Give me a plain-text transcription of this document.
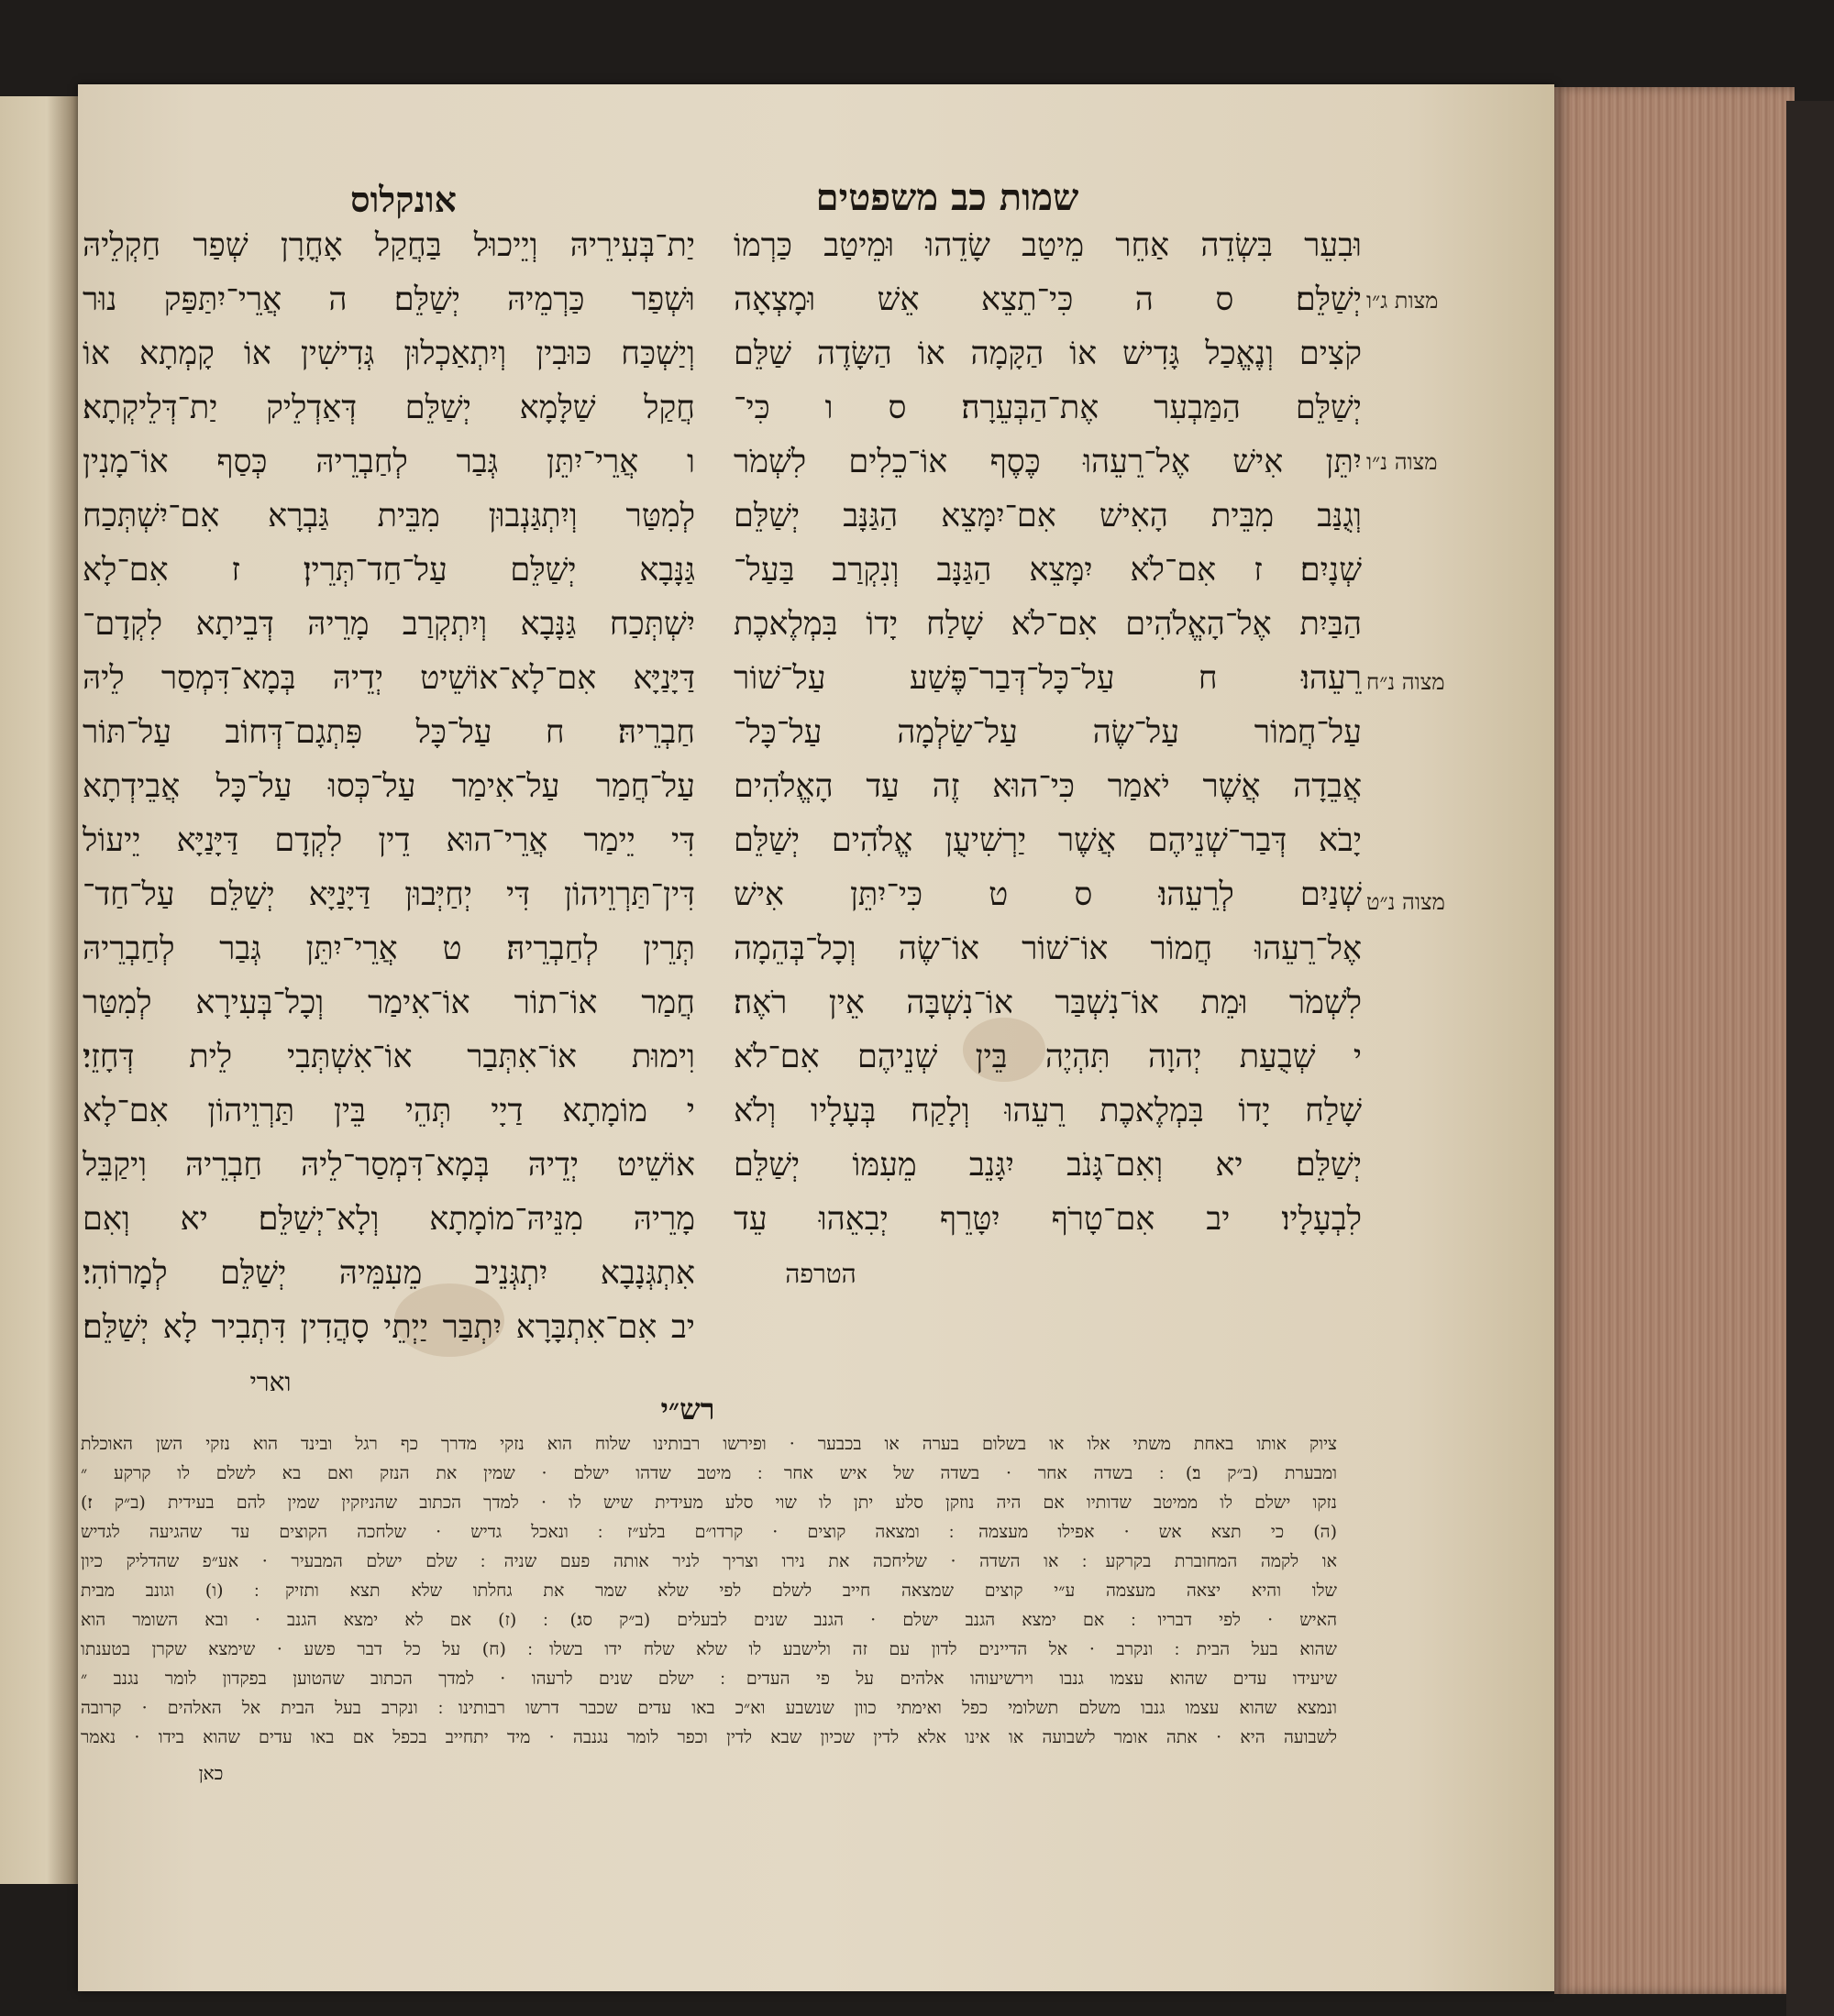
שמות כב משפטים
אונקלוס
וּבִעֵר בִּשְׂדֵה אַחֵר מֵיטַב שָׂדֵהוּ וּמֵיטַב כַּרְמוֹ
יְשַׁלֵּם׃ ס ה כִּי־תֵצֵא אֵשׁ וּמָצְאָה
קֹצִים וְנֶאֱכַל גָּדִישׁ אוֹ הַקָּמָה אוֹ הַשָּׂדֶה שַׁלֵּם
יְשַׁלֵּם הַמַּבְעִר אֶת־הַבְּעֵרָה׃ ס ו כִּי־
יִתֵּן אִישׁ אֶל־רֵעֵהוּ כֶּסֶף אוֹ־כֵלִים לִשְׁמֹר
וְגֻנַּב מִבֵּית הָאִישׁ אִם־יִמָּצֵא הַגַּנָּב יְשַׁלֵּם
שְׁנָיִם׃ ז אִם־לֹא יִמָּצֵא הַגַּנָּב וְנִקְרַב בַּעַל־
הַבַּיִת אֶל־הָאֱלֹהִים אִם־לֹא שָׁלַח יָדוֹ בִּמְלֶאכֶת
רֵעֵהוּ׃ ח עַל־כָּל־דְּבַר־פֶּשַׁע עַל־שׁוֹר
עַל־חֲמוֹר עַל־שֶׂה עַל־שַׂלְמָה עַל־כָּל־
אֲבֵדָה אֲשֶׁר יֹאמַר כִּי־הוּא זֶה עַד הָאֱלֹהִים
יָבֹא דְּבַר־שְׁנֵיהֶם אֲשֶׁר יַרְשִׁיעֻן אֱלֹהִים יְשַׁלֵּם
שְׁנַיִם לְרֵעֵהוּ׃ ס ט כִּי־יִתֵּן אִישׁ
אֶל־רֵעֵהוּ חֲמוֹר אוֹ־שׁוֹר אוֹ־שֶׂה וְכָל־בְּהֵמָה
לִשְׁמֹר וּמֵת אוֹ־נִשְׁבַּר אוֹ־נִשְׁבָּה אֵין רֹאֶה׃
י שְׁבֻעַת יְהוָה תִּהְיֶה בֵּין שְׁנֵיהֶם אִם־לֹא
שָׁלַח יָדוֹ בִּמְלֶאכֶת רֵעֵהוּ וְלָקַח בְּעָלָיו וְלֹא
יְשַׁלֵּם׃ יא וְאִם־גָּנֹב יִגָּנֵב מֵעִמּוֹ יְשַׁלֵּם
לִבְעָלָיו׃ יב אִם־טָרֹף יִטָּרֵף יְבִאֵהוּ עֵד
יַת־בְּעִירֵיהּ וְיֵיכוּל בַּחֲקַל אָחֳרָן שְׁפַר חַקְלֵיהּ
וּשְׁפַר כַּרְמֵיהּ יְשַׁלֵּם׃ ה אֲרֵי־יִתַּפַּק נוּר
וְיַשְׁכַּח כּוּבִין וְיִתְאַכְלוּן גְּדִישִׁין אוֹ קָמְתָא אוֹ
חֲקַל שַׁלָּמָא יְשַׁלֵּם דְּאַדְלֵיק יַת־דְּלֵיקְתָא׃
ו אֲרֵי־יִתֵּן גְּבַר לְחַבְרֵיהּ כְּסַף אוֹ־מָנִין
לְמִטַּר וְיִתְגַּנְבוּן מִבֵּית גַּבְרָא אִם־יִשְׁתְּכַח
גַּנָּבָא יְשַׁלֵּם עַל־חַד־תְּרֵין׃ ז אִם־לָא
יִשְׁתְּכַח גַּנָּבָא וְיִתְקְרַב מָרֵיהּ דְּבֵיתָא לִקְדָם־
דַּיָּנַיָּא אִם־לָא־אוֹשֵׁיט יְדֵיהּ בְּמָא־דִּמְסַר לֵיהּ
חַבְרֵיהּ׃ ח עַל־כָּל פִּתְגָם־דְּחוֹב עַל־תּוֹר
עַל־חֲמַר עַל־אִימַר עַל־כְּסוּ עַל־כָּל אֲבֵידְתָא
דִּי יֵימַר אֲרֵי־הוּא דֵין לִקְדָם דַּיָּנַיָּא יֵיעוֹל
דִּין־תַּרְוֵיהוֹן דִּי יְחַיְּבוּן דַּיָּנַיָּא יְשַׁלֵּם עַל־חַד־
תְּרֵין לְחַבְרֵיהּ׃ ט אֲרֵי־יִתֵּן גְּבַר לְחַבְרֵיהּ
חֲמַר אוֹ־תוֹר אוֹ־אִימַר וְכָל־בְּעִירָא לְמִטַּר
וִימוּת אוֹ־אִתְּבַר אוֹ־אִשְׁתְּבִי לֵית דְּחָזֵי׃
י מוֹמָתָא דַיָי תְּהֵי בֵּין תַּרְוֵיהוֹן אִם־לָא
אוֹשֵׁיט יְדֵיהּ בְּמָא־דִּמְסַר־לֵיהּ חַבְרֵיהּ וִיקַבֵּל
מָרֵיהּ מִנֵּיהּ־מוֹמָתָא וְלָא־יְשַׁלֵּם׃ יא וְאִם
אִתְגְּנָבָא יִתְגְּנֵיב מֵעִמֵּיהּ יְשַׁלֵּם לְמָרוֹהִי׃
יב אִם־אִתְבָּרָא יִתְבַּר יַיְתֵי סָהֲדִין דִּתְבִיר לָא יְשַׁלֵּם׃
מצות ג״ו
מצוה נ״ו
מצוה נ״ח
מצוה נ״ט
הטרפה
וארי
רש״י
ציוק אותו באחת משתי אלו או בשלום בערה או בכבער · ופירשו רבותינו שלוח הוא נזקי מדרך כף רגל ובינד הוא נזקי השן האוכלת
ומבערת (ב״ק ב׃) ׃ בשדה אחר · בשדה של איש אחר ׃ מיטב שדהו ישלם · שמין את הנזק ואם בא לשלם לו קרקע ״
נזקו ישלם לו ממיטב שדותיו אם היה נוזקן סלע יתן לו שוי סלע מעידית שיש לו · למדך הכתוב שהניזקין שמין להם בעידית (ב״ק ז׃)
(ה) כי תצא אש · אפילו מעצמה ׃ ומצאה קוצים · קרדו״ם בלע״ז ׃ ונאכל גדיש · שלחכה הקוצים עד שהגיעה לגדיש
או לקמה המחוברת בקרקע ׃ או השדה · שליחכה את נירו וצריך לניר אותה פעם שניה ׃ שלם ישלם המבעיר · אע״פ שהדליק כיון
שלו והיא יצאה מעצמה ע״י קוצים שמצאה חייב לשלם לפי שלא שמר את גחלתו שלא תצא ותזיק ׃ (ו) וגונב מבית
האיש · לפי דבריו ׃ אם ימצא הגנב ישלם · הגנב שנים לבעלים (ב״ק סג׃) ׃ (ז) אם לא ימצא הגנב · ובא השומר הוא
שהוא בעל הבית ׃ ונקרב · אל הדיינים לדון עם זה ולישבע לו שלא שלח ידו בשלו ׃ (ח) על כל דבר פשע · שימצא שקרן בטענתו
שיעידו עדים שהוא עצמו גנבו וירשיעוהו אלהים על פי העדים ׃ ישלם שנים לרעהו · למדך הכתוב שהטוען בפקדון לומר נגנב ״
ונמצא שהוא עצמו גנבו משלם תשלומי כפל ואימתי כוון שנשבע וא״כ באו עדים שכבר דרשו רבותינו ׃ ונקרב בעל הבית אל האלהים · קרובה
לשבועה היא · אתה אומר לשבועה או אינו אלא לדין שכיון שבא לדין וכפר לומר נגנבה · מיד יתחייב בכפל אם באו עדים שהוא בידו · נאמר
כאן
